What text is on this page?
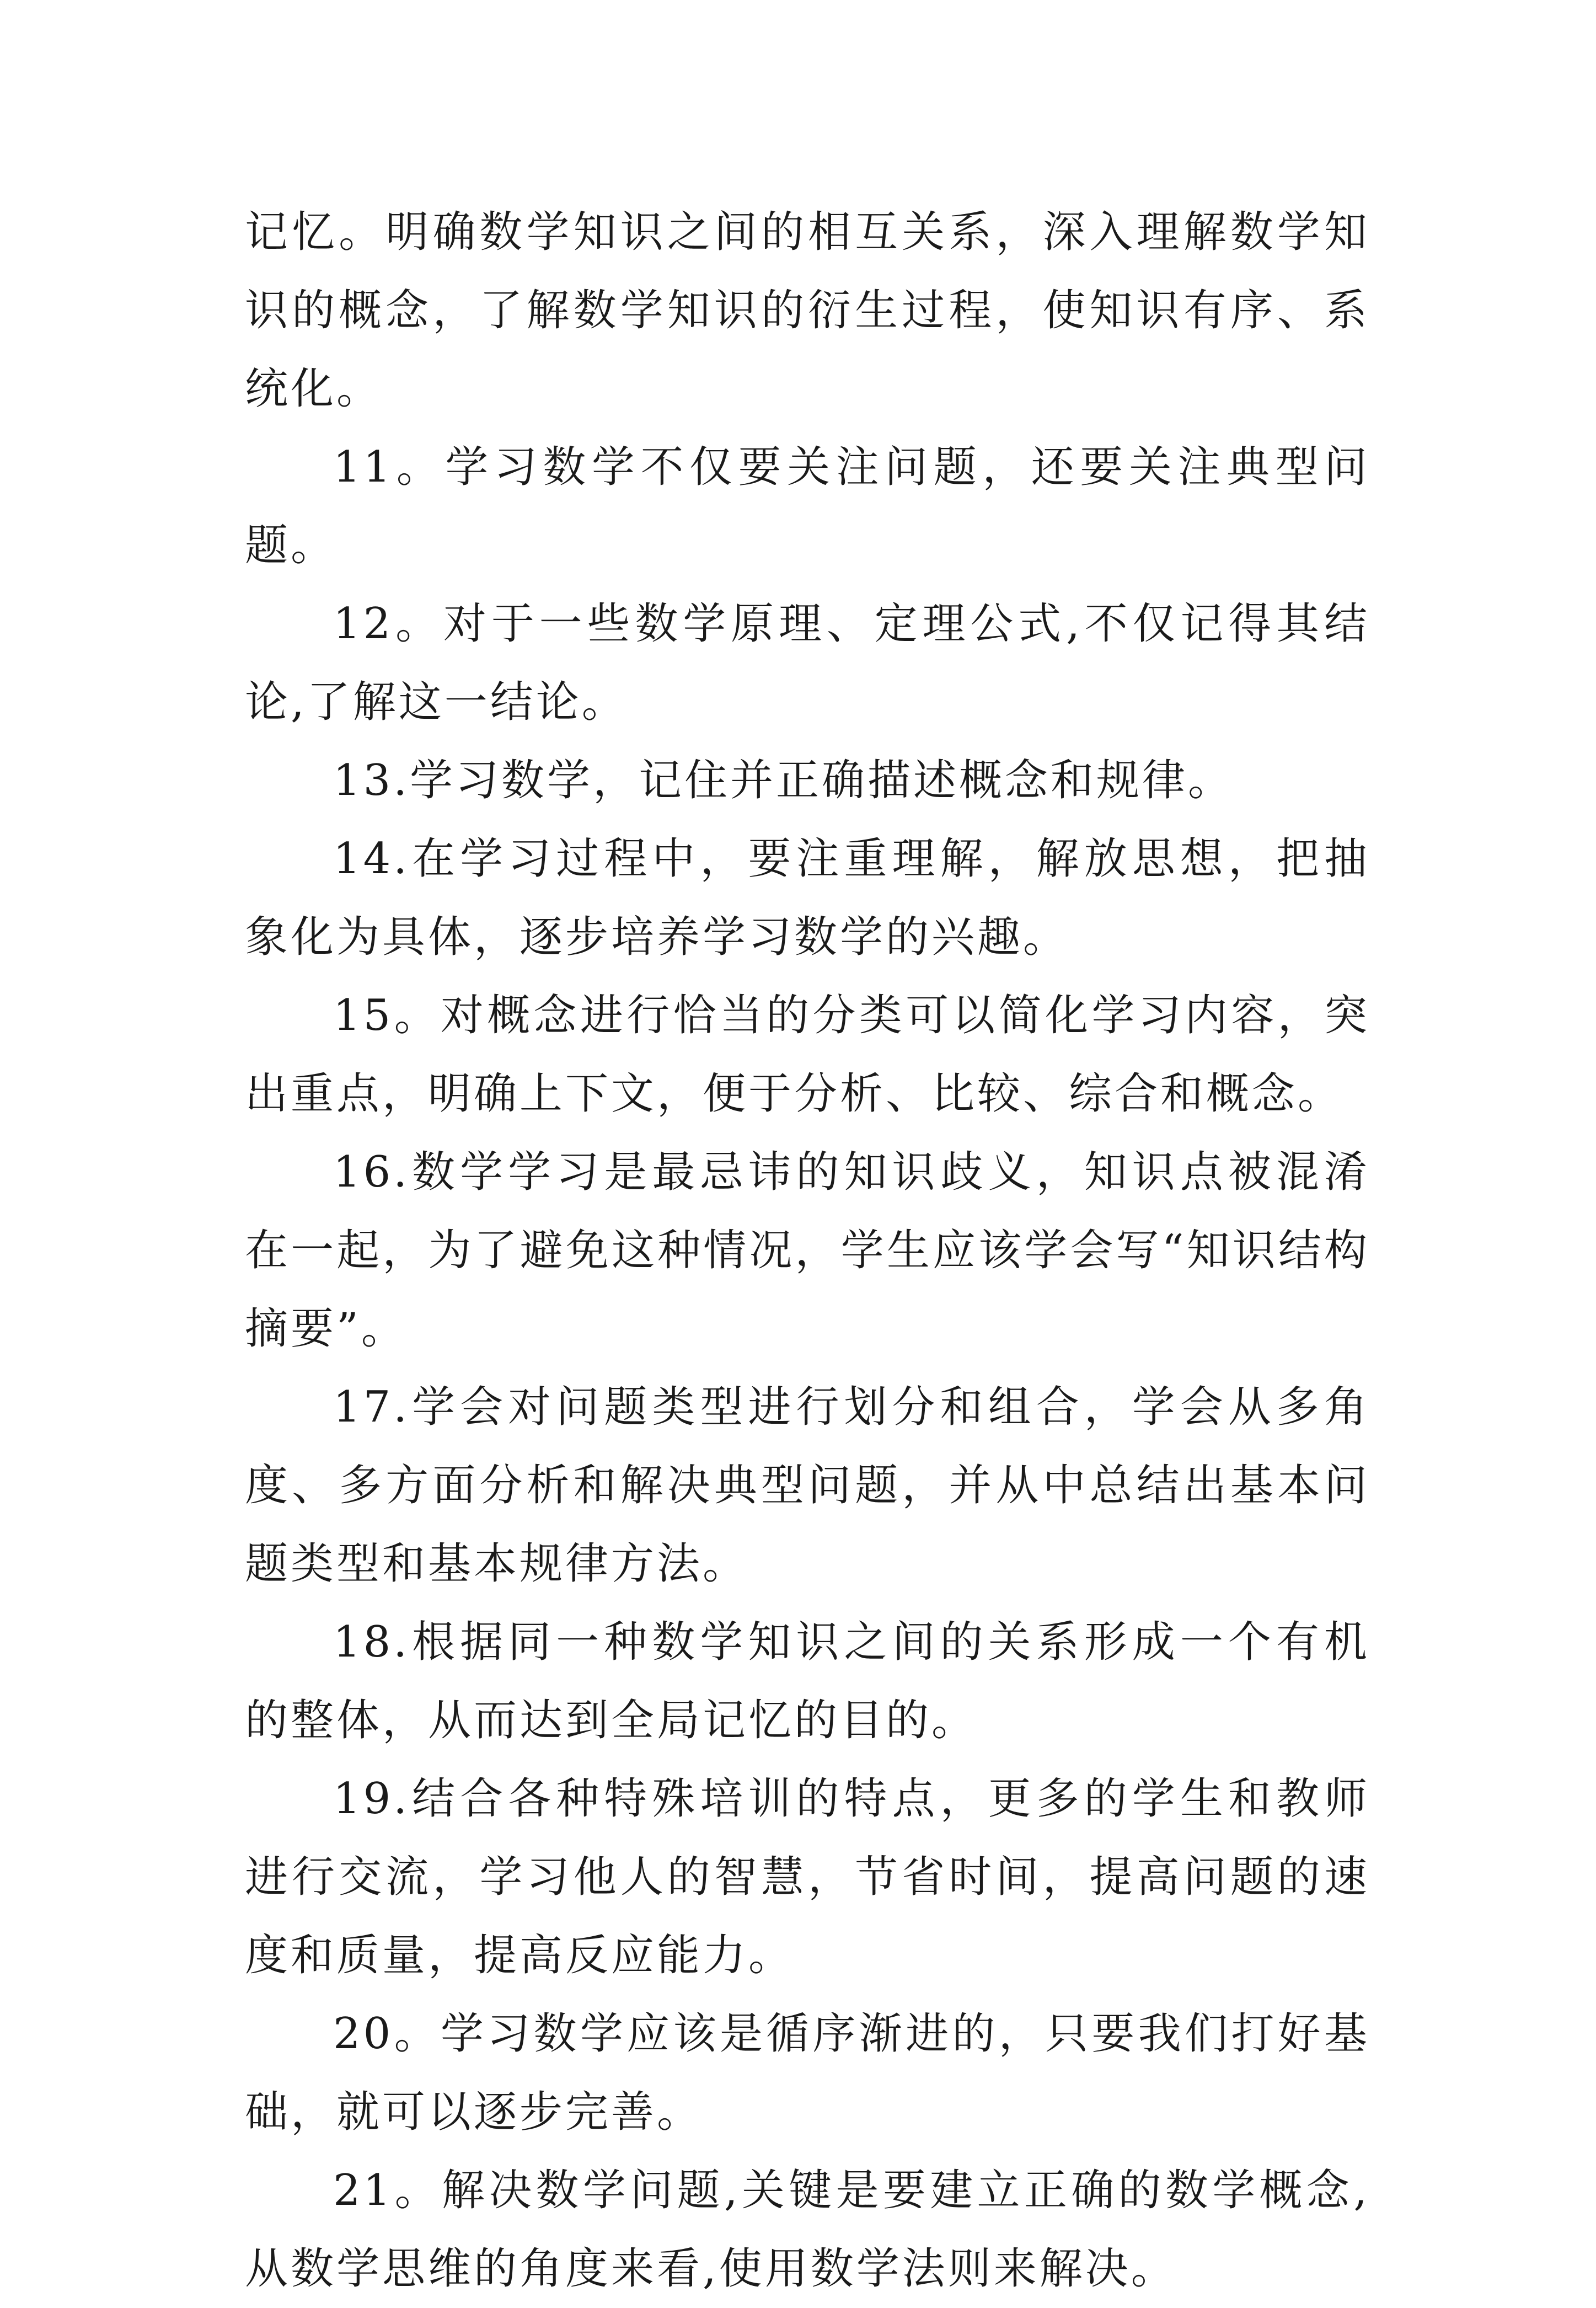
记忆。明确数学知识之间的相互关系，深入理解数学知识的概念，了解数学知识的衍生过程，使知识有序、系统化。

11。学习数学不仅要关注问题，还要关注典型问题。

12。对于一些数学原理、定理公式,不仅记得其结论,了解这一结论。

13.学习数学，记住并正确描述概念和规律。

14.在学习过程中，要注重理解，解放思想，把抽象化为具体，逐步培养学习数学的兴趣。

15。对概念进行恰当的分类可以简化学习内容，突出重点，明确上下文，便于分析、比较、综合和概念。

16.数学学习是最忌讳的知识歧义，知识点被混淆在一起，为了避免这种情况，学生应该学会写“知识结构摘要”。

17.学会对问题类型进行划分和组合，学会从多角度、多方面分析和解决典型问题，并从中总结出基本问题类型和基本规律方法。

18.根据同一种数学知识之间的关系形成一个有机的整体，从而达到全局记忆的目的。

19.结合各种特殊培训的特点，更多的学生和教师进行交流，学习他人的智慧，节省时间，提高问题的速度和质量，提高反应能力。

20。学习数学应该是循序渐进的，只要我们打好基础，就可以逐步完善。

21。解决数学问题,关键是要建立正确的数学概念,从数学思维的角度来看,使用数学法则来解决。
